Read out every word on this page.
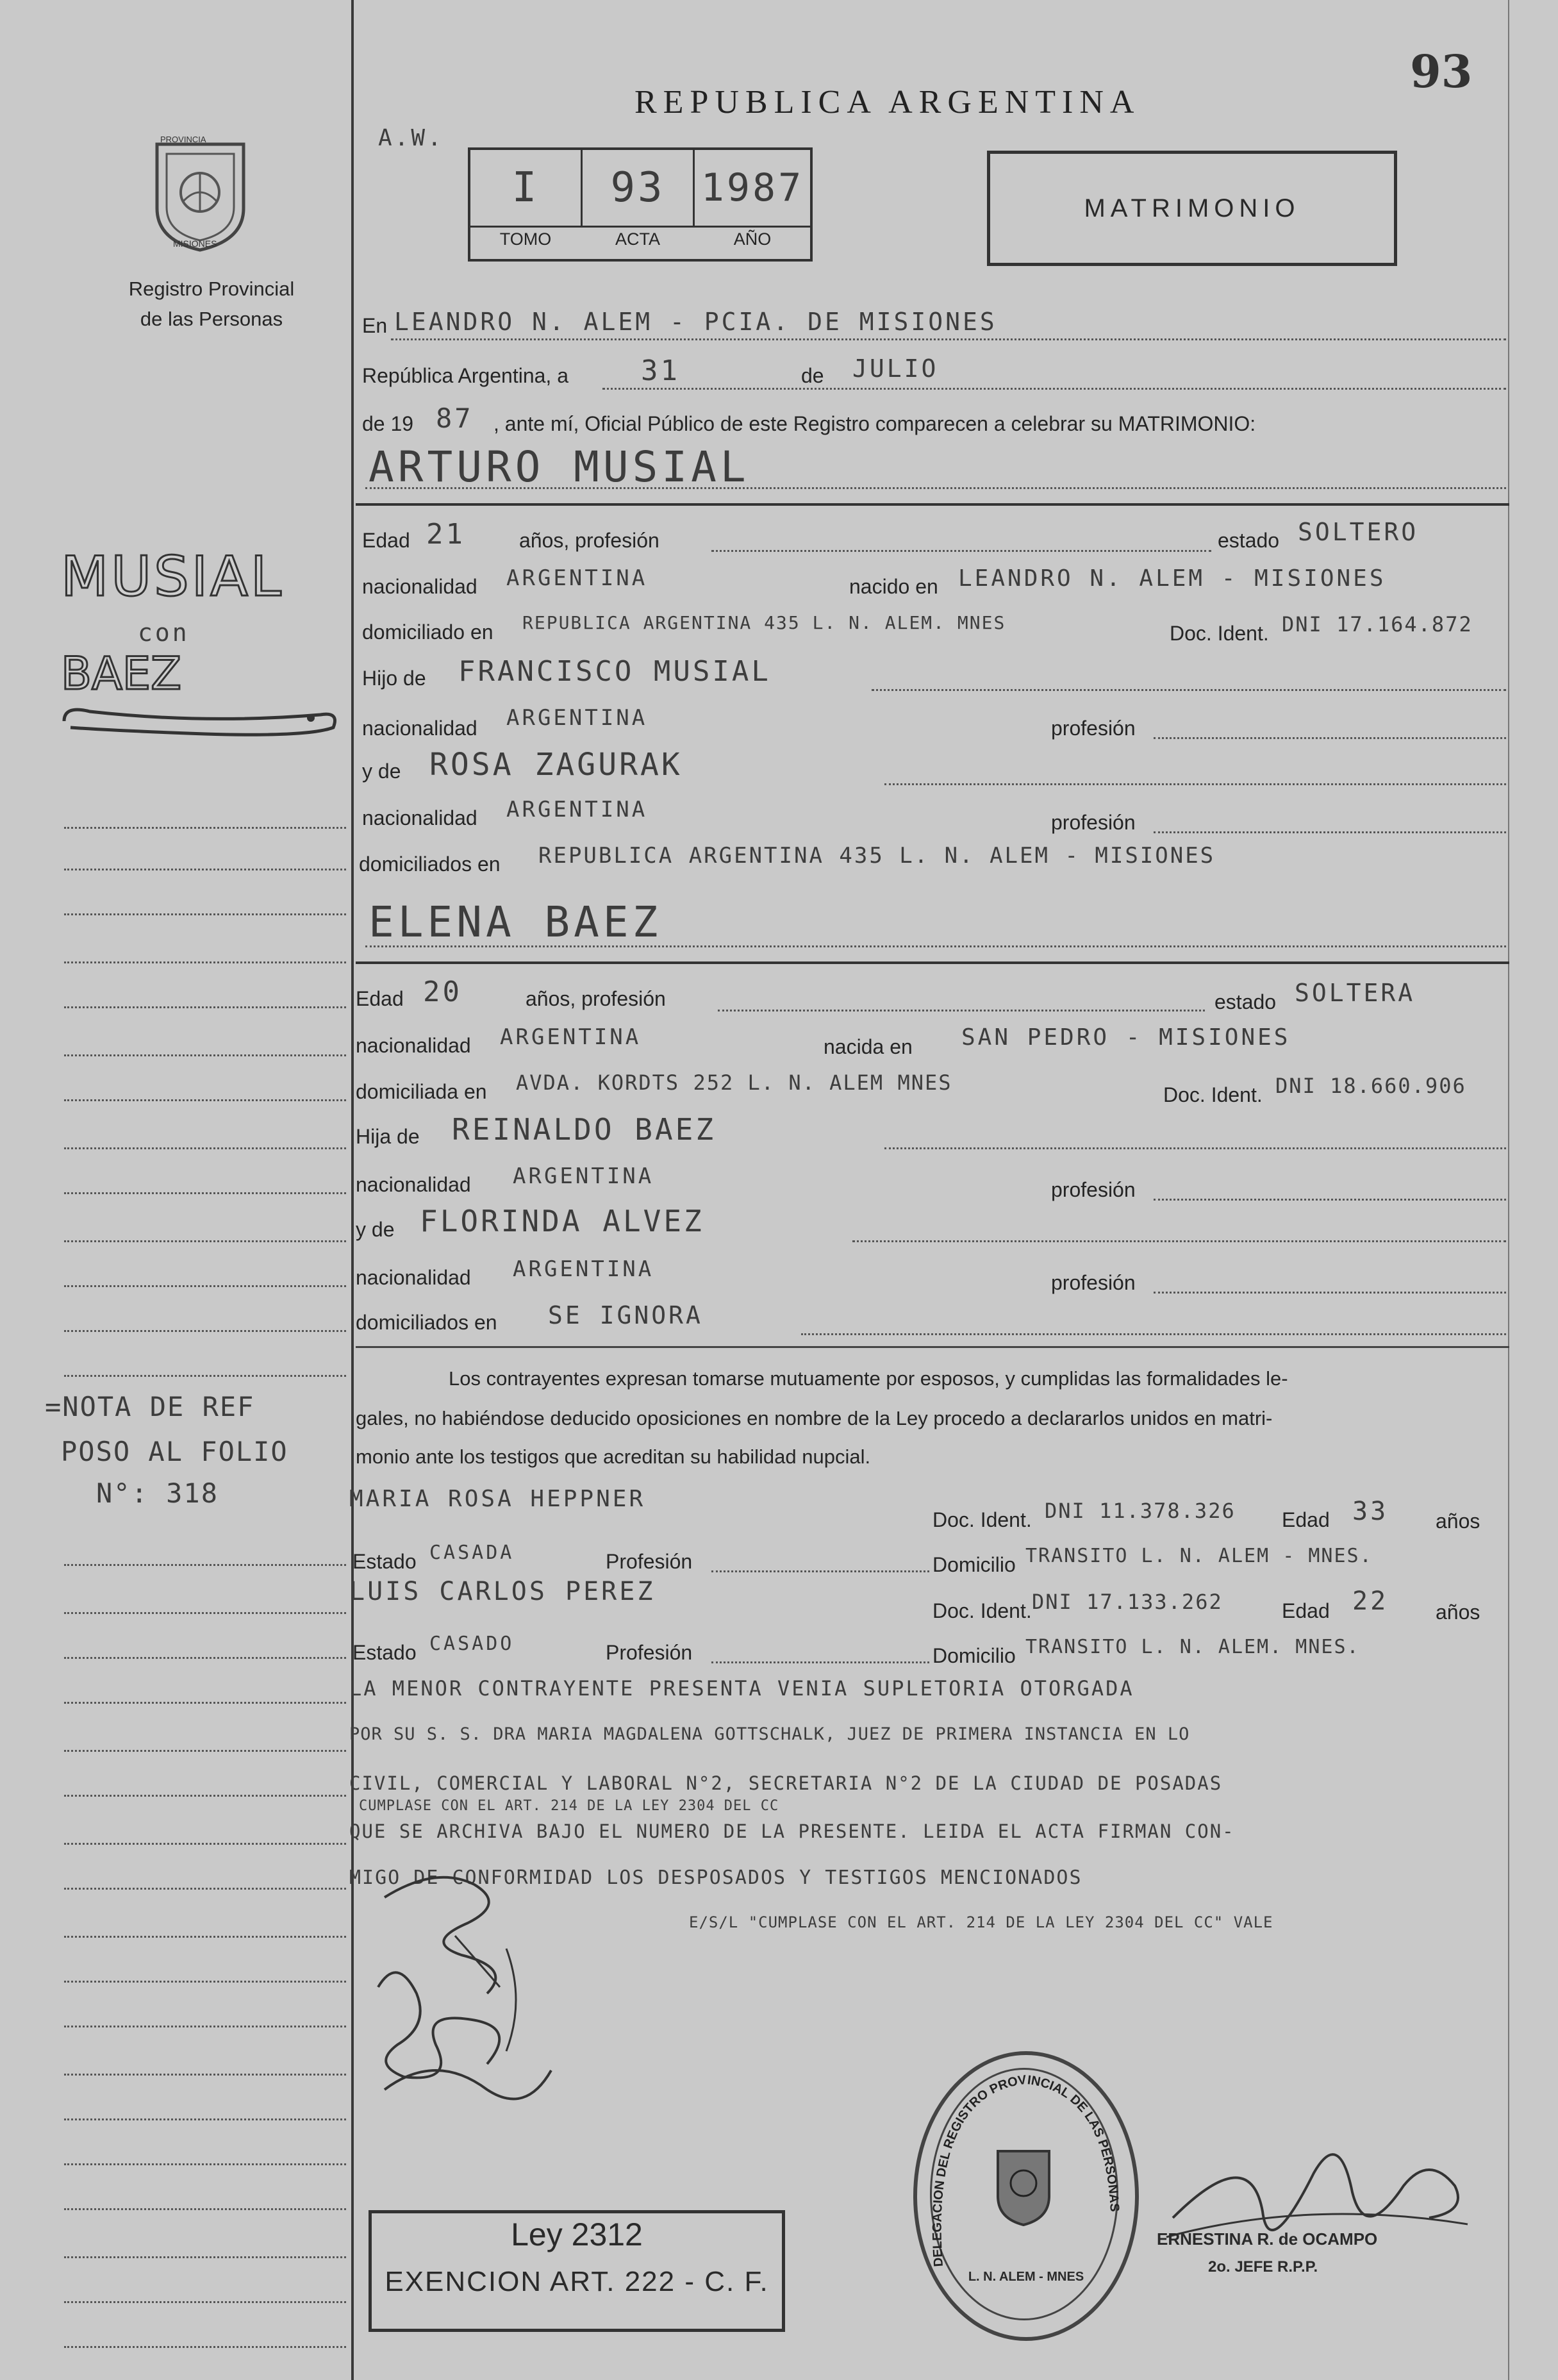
93
REPUBLICA ARGENTINA
A.W.
I	93 1987
TOMO	ACTA	AÑO
MATRIMONIO
PROVINCIA
MISIONES
Registro Provincial
de las Personas
MUSIAL
con
BAEZ
=NOTA DE REF
POSO AL FOLIO
N°: 318
En LEANDRO N. ALEM - PCIA. DE MISIONES
República Argentina, a	31	de JULIO
de 19 87 , ante mí, Oficial Público de este Registro comparecen a celebrar su MATRIMONIO:
ARTURO MUSIAL
Edad 21	años, profesión	estado SOLTERO
nacionalidad ARGENTINA	nacido en LEANDRO N. ALEM - MISIONES
domiciliado en REPUBLICA ARGENTINA 435 L. N. ALEM. MNES	Doc. Ident. DNI 17.164.872
Hijo de FRANCISCO MUSIAL
nacionalidad ARGENTINA	profesión
y de ROSA ZAGURAK
nacionalidad ARGENTINA	profesión
domiciliados en REPUBLICA ARGENTINA 435 L. N. ALEM - MISIONES
ELENA BAEZ
Edad 20	años, profesión	estado SOLTERA
nacionalidad ARGENTINA	nacida en SAN PEDRO - MISIONES
domiciliada en AVDA. KORDTS 252 L. N. ALEM MNES	Doc. Ident. DNI 18.660.906
Hija de REINALDO BAEZ
nacionalidad ARGENTINA
profesión
y de FLORINDA ALVEZ
nacionalidad ARGENTINA
profesión
domiciliados en SE IGNORA
Los contrayentes expresan tomarse mutuamente por esposos, y cumplidas las formalidades le-
gales, no habiéndose deducido oposiciones en nombre de la Ley procedo a declararlos unidos en matri-
monio ante los testigos que acreditan su habilidad nupcial.
MARIA ROSA HEPPNER
Doc. Ident. DNI 11.378.326 Edad 33 años
Estado CASADA	Profesión	Domicilio TRANSITO L. N. ALEM - MNES.
LUIS CARLOS PEREZ
Doc. Ident. DNI 17.133.262	Edad 22 años
Estado CASADO	Profesión	Domicilio TRANSITO L. N. ALEM. MNES.
LA MENOR CONTRAYENTE PRESENTA VENIA SUPLETORIA OTORGADA
POR SU S. S. DRA MARIA MAGDALENA GOTTSCHALK, JUEZ DE PRIMERA INSTANCIA EN LO
CIVIL, COMERCIAL Y LABORAL N°2, SECRETARIA N°2 DE LA CIUDAD DE POSADAS
CUMPLASE CON EL ART. 214 DE LA LEY 2304 DEL CC
QUE SE ARCHIVA BAJO EL NUMERO DE LA PRESENTE. LEIDA EL ACTA FIRMAN CON-
MIGO DE CONFORMIDAD LOS DESPOSADOS Y TESTIGOS MENCIONADOS
E/S/L "CUMPLASE CON EL ART. 214 DE LA LEY 2304 DEL CC" VALE
Ley 2312
EXENCION ART. 222 - C. F.
DELEGACION DEL REGISTRO PROVINCIAL DE LAS PERSONAS
L. N. ALEM - MNES
ERNESTINA R. de OCAMPO
2o. JEFE R.P.P.
